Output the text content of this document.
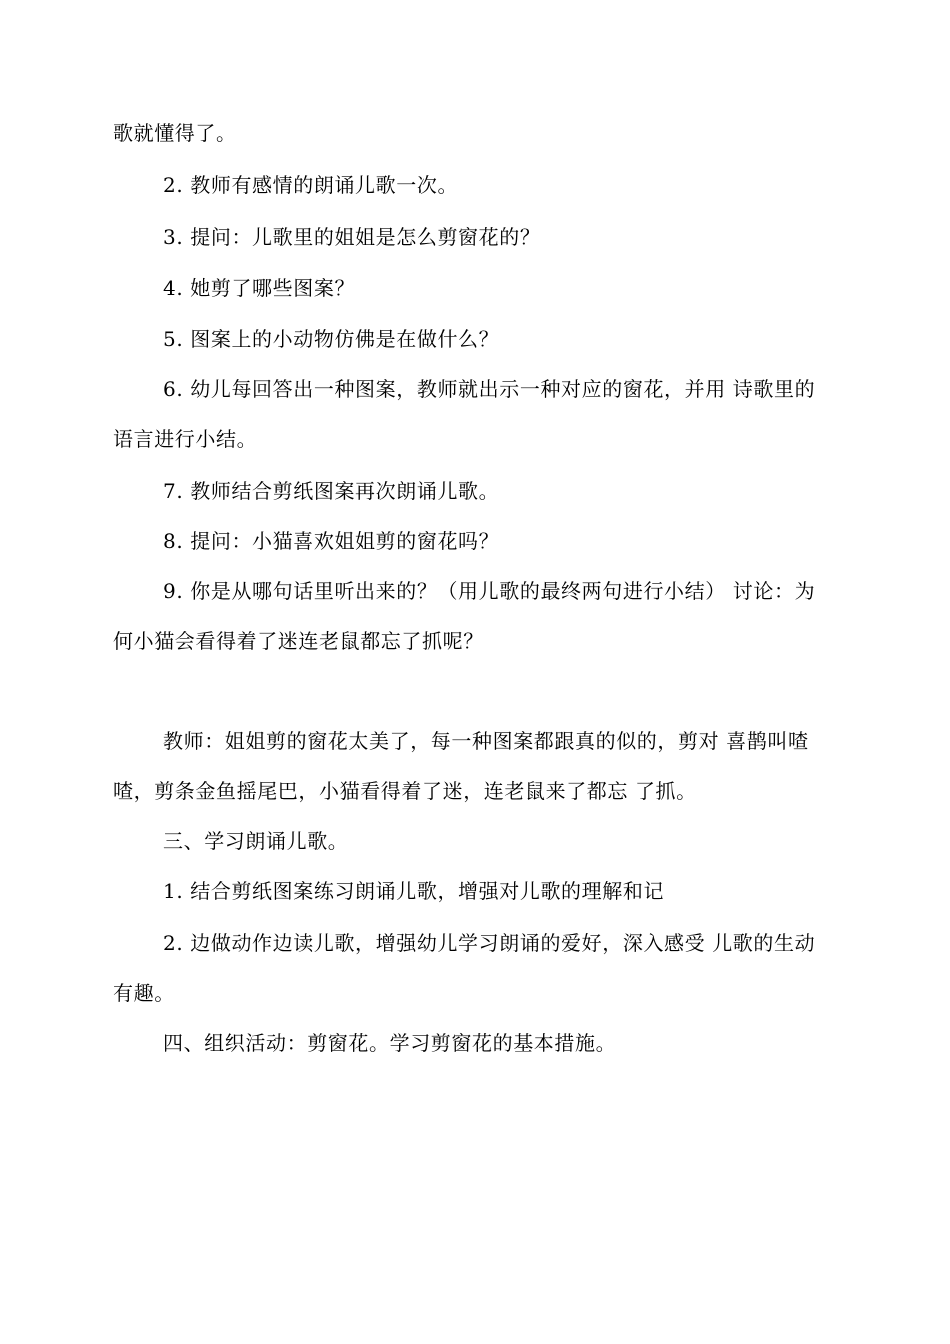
歌就懂得了。

2. 教师有感情的朗诵儿歌一次。

3. 提问：儿歌里的姐姐是怎么剪窗花的？

4. 她剪了哪些图案？

5. 图案上的小动物仿佛是在做什么？

6. 幼儿每回答出一种图案，教师就出示一种对应的窗花，并用 诗歌里的语言进行小结。

7. 教师结合剪纸图案再次朗诵儿歌。

8. 提问：小猫喜欢姐姐剪的窗花吗？

9. 你是从哪句话里听出来的？（用儿歌的最终两句进行小结） 讨论：为何小猫会看得着了迷连老鼠都忘了抓呢？

教师：姐姐剪的窗花太美了，每一种图案都跟真的似的，剪对 喜鹊叫喳喳，剪条金鱼摇尾巴，小猫看得着了迷，连老鼠来了都忘 了抓。

三、学习朗诵儿歌。

1. 结合剪纸图案练习朗诵儿歌，增强对儿歌的理解和记

2. 边做动作边读儿歌，增强幼儿学习朗诵的爱好，深入感受 儿歌的生动有趣。

四、组织活动：剪窗花。学习剪窗花的基本措施。
